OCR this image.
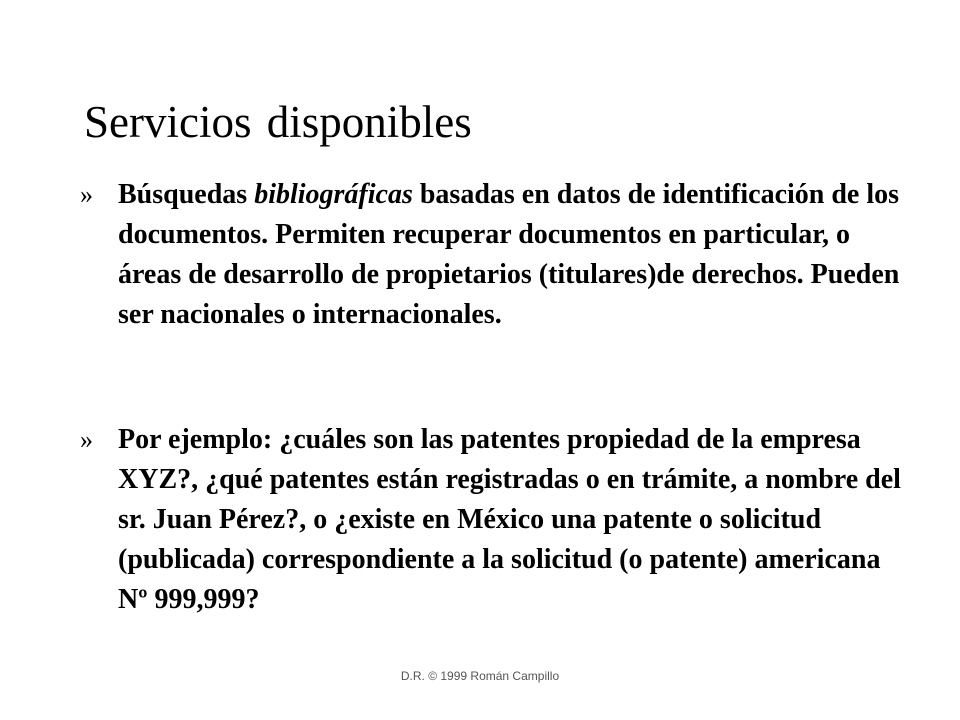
Servicios disponibles
» Búsquedas bibliográficas basadas en datos de identificación de los documentos. Permiten recuperar documentos en particular, o áreas de desarrollo de propietarios (titulares)de derechos. Pueden ser nacionales o internacionales.
» Por ejemplo: ¿cuáles son las patentes propiedad de la empresa XYZ?, ¿qué patentes están registradas o en trámite, a nombre del sr. Juan Pérez?, o ¿existe en México una patente o solicitud (publicada) correspondiente a la solicitud (o patente) americana Nº 999,999?
D.R. © 1999 Román Campillo
